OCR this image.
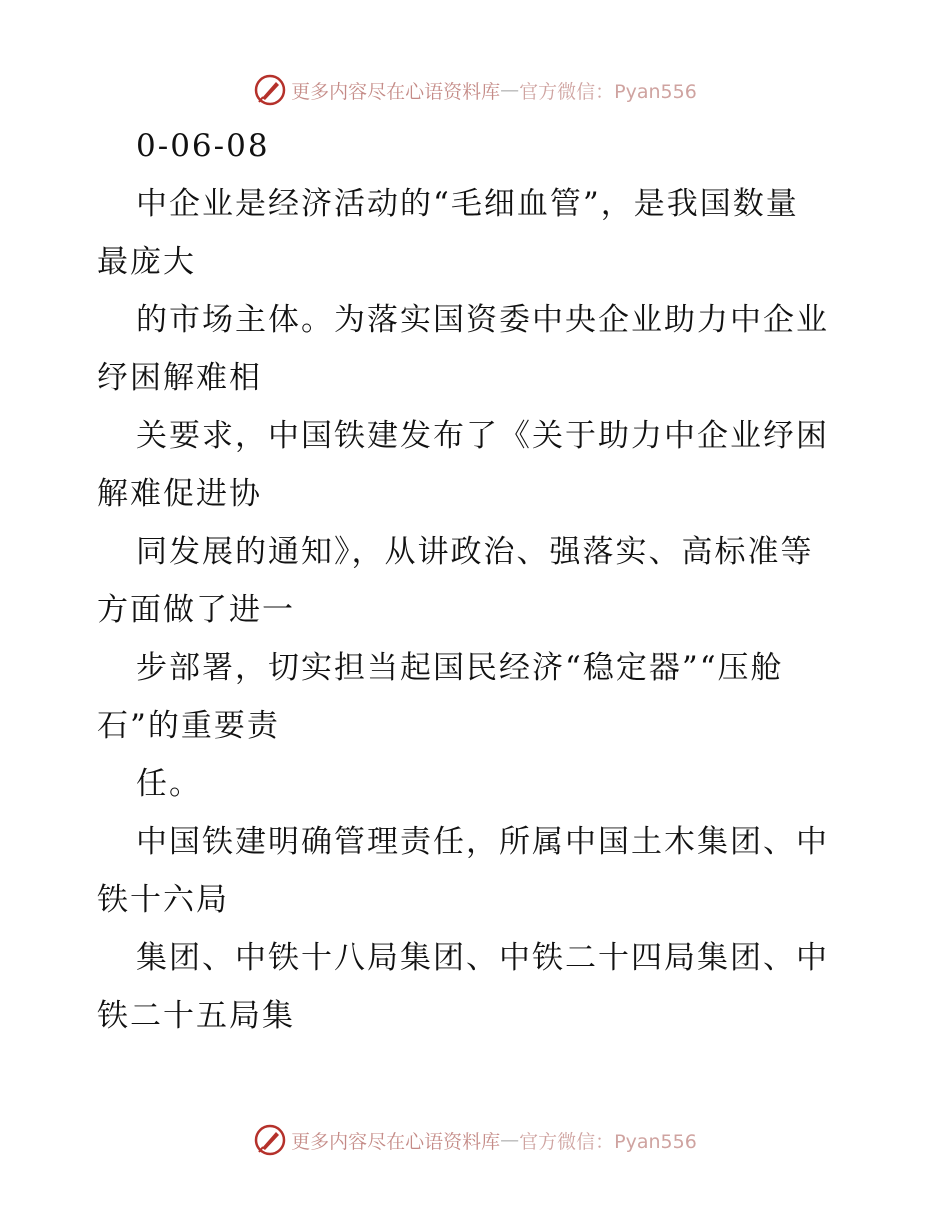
更多内容尽在心语资料库 — 官方微信：Pyan556
0-06-08
中企业是经济活动的“毛细血管”，是我国数量
最庞大
的市场主体。为落实国资委中央企业助力中企业
纾困解难相
关要求，中国铁建发布了《关于助力中企业纾困
解难促进协
同发展的通知》，从讲政治、强落实、高标准等
方面做了进一
步部署，切实担当起国民经济“稳定器”“压舱
石”的重要责
任。
中国铁建明确管理责任，所属中国土木集团、中
铁十六局
集团、中铁十八局集团、中铁二十四局集团、中
铁二十五局集
更多内容尽在心语资料库 — 官方微信：Pyan556
